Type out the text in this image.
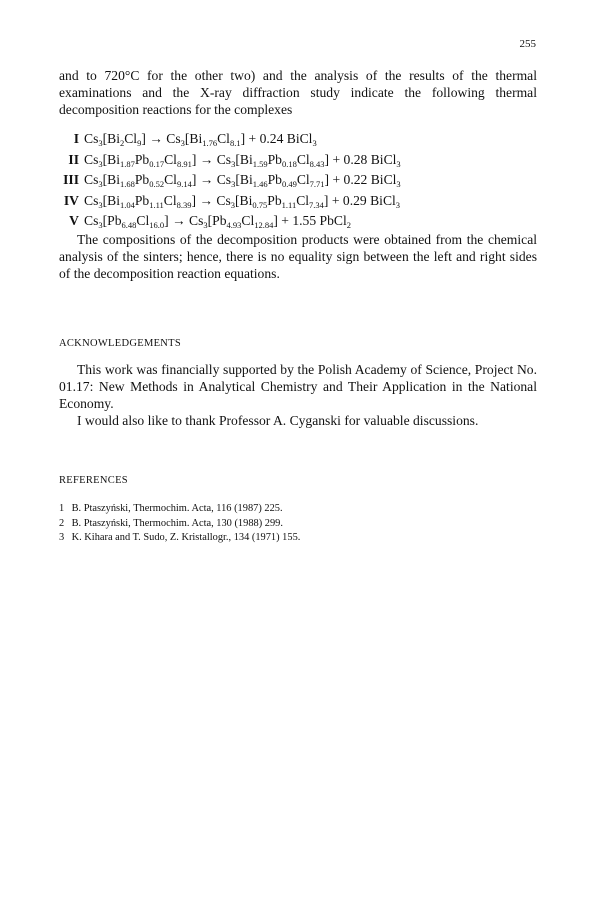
255

and to 720°C for the other two) and the analysis of the results of the thermal examinations and the X-ray diffraction study indicate the following thermal decomposition reactions for the complexes

I $Cs_3[Bi_2Cl_9] \to Cs_3[Bi_{1.76}Cl_{8.1}] + 0.24$ BiCl$_3$
II $Cs_3[Bi_{1.87}Pb_{0.17}Cl_{8.91}] \to Cs_3[Bi_{1.59}Pb_{0.18}Cl_{8.43}] + 0.28$ BiCl$_3$
III $Cs_3[Bi_{1.68}Pb_{0.52}Cl_{9.14}] \to Cs_3[Bi_{1.46}Pb_{0.49}Cl_{7.71}] + 0.22$ BiCl$_3$
IV $Cs_3[Bi_{1.04}Pb_{1.11}Cl_{8.39}] \to Cs_3[Bi_{0.75}Pb_{1.11}Cl_{7.34}] + 0.29$ BiCl$_3$
V $Cs_3[Pb_{6.48}Cl_{16.0}] \to Cs_3[Pb_{4.93}Cl_{12.84}] + 1.55$ PbCl$_2$

The compositions of the decomposition products were obtained from the chemical analysis of the sinters; hence, there is no equality sign between the left and right sides of the decomposition reaction equations.

ACKNOWLEDGEMENTS

This work was financially supported by the Polish Academy of Science, Project No. 01.17: New Methods in Analytical Chemistry and Their Application in the National Economy.

I would also like to thank Professor A. Cyganski for valuable discussions.

REFERENCES
1 B. Ptaszyński, Thermochim. Acta, 116 (1987) 225.
2 B. Ptaszyński, Thermochim. Acta, 130 (1988) 299.
3 K. Kihara and T. Sudo, Z. Kristallogr., 134 (1971) 155.
